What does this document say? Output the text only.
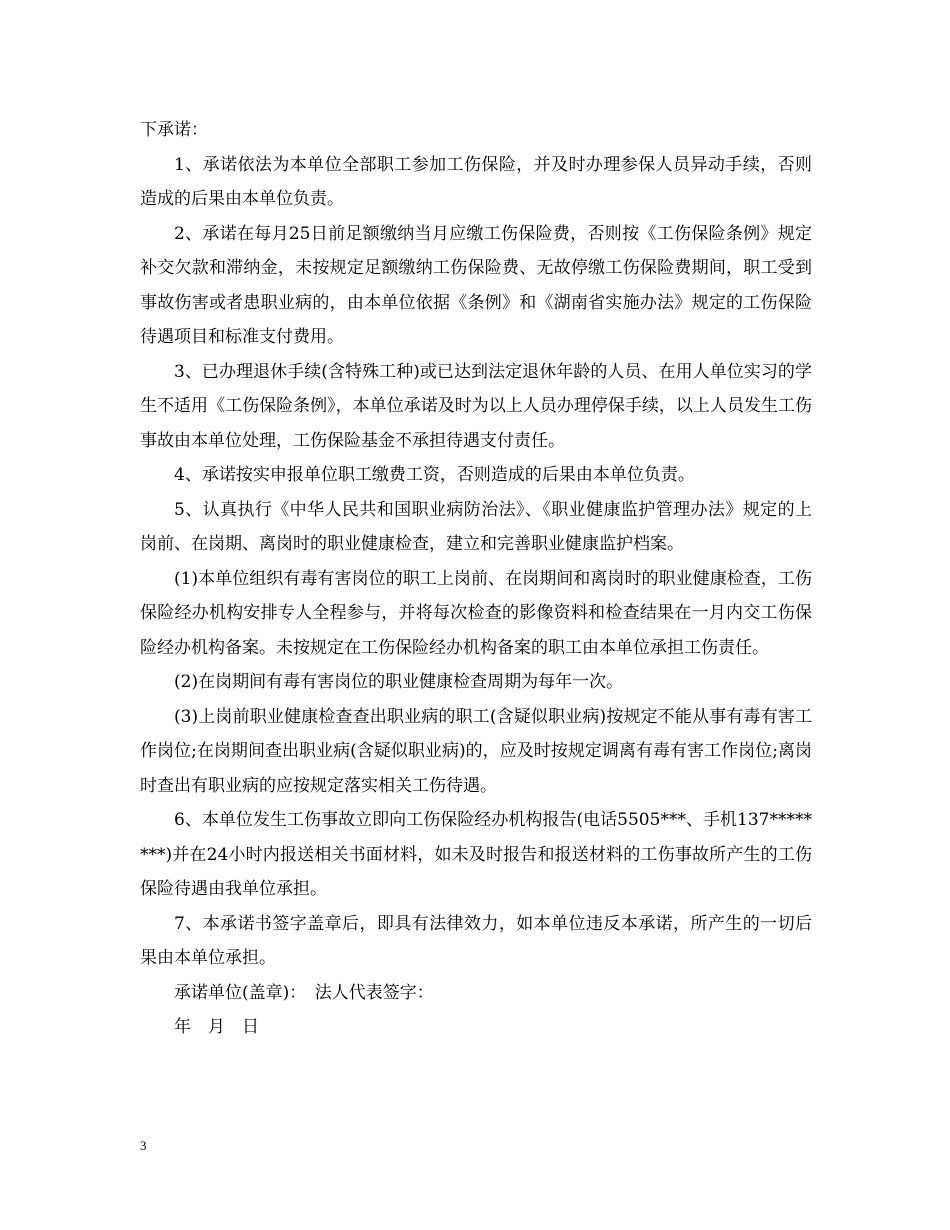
下承诺：

1、承诺依法为本单位全部职工参加工伤保险，并及时办理参保人员异动手续，否则造成的后果由本单位负责。

2、承诺在每月25日前足额缴纳当月应缴工伤保险费，否则按《工伤保险条例》规定补交欠款和滞纳金，未按规定足额缴纳工伤保险费、无故停缴工伤保险费期间，职工受到事故伤害或者患职业病的，由本单位依据《条例》和《湖南省实施办法》规定的工伤保险待遇项目和标准支付费用。

3、已办理退休手续(含特殊工种)或已达到法定退休年龄的人员、在用人单位实习的学生不适用《工伤保险条例》，本单位承诺及时为以上人员办理停保手续，以上人员发生工伤事故由本单位处理，工伤保险基金不承担待遇支付责任。

4、承诺按实申报单位职工缴费工资，否则造成的后果由本单位负责。

5、认真执行《中华人民共和国职业病防治法》、《职业健康监护管理办法》规定的上岗前、在岗期、离岗时的职业健康检查，建立和完善职业健康监护档案。

(1)本单位组织有毒有害岗位的职工上岗前、在岗期间和离岗时的职业健康检查，工伤保险经办机构安排专人全程参与，并将每次检查的影像资料和检查结果在一月内交工伤保险经办机构备案。未按规定在工伤保险经办机构备案的职工由本单位承担工伤责任。

(2)在岗期间有毒有害岗位的职业健康检查周期为每年一次。

(3)上岗前职业健康检查查出职业病的职工(含疑似职业病)按规定不能从事有毒有害工作岗位;在岗期间查出职业病(含疑似职业病)的，应及时按规定调离有毒有害工作岗位;离岗时查出有职业病的应按规定落实相关工伤待遇。

6、本单位发生工伤事故立即向工伤保险经办机构报告(电话5505***、手机137********)并在24小时内报送相关书面材料，如未及时报告和报送材料的工伤事故所产生的工伤保险待遇由我单位承担。

7、本承诺书签字盖章后，即具有法律效力，如本单位违反本承诺，所产生的一切后果由本单位承担。

承诺单位(盖章)：　法人代表签字：

年　月　日

3
